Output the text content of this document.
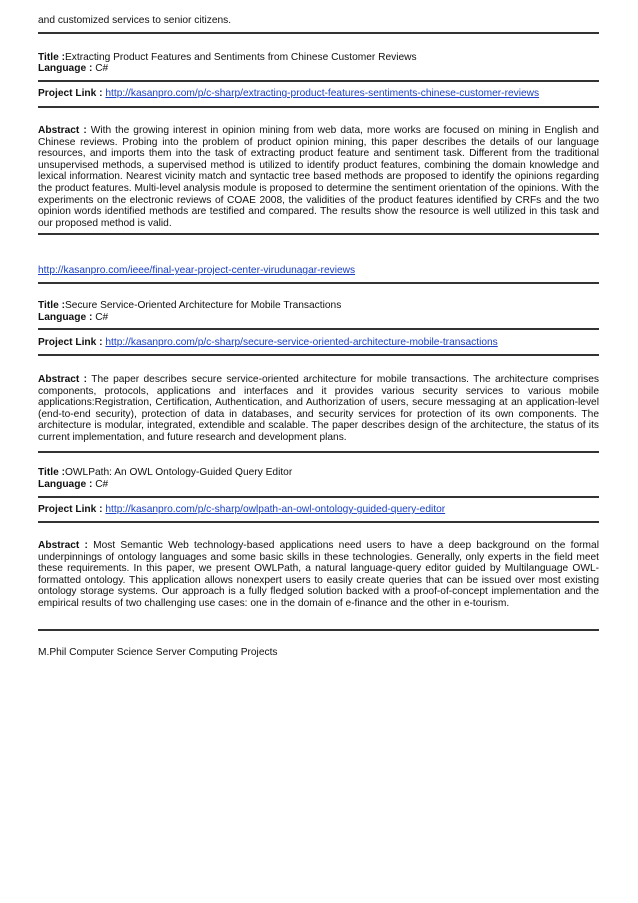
and customized services to senior citizens.
Title :Extracting Product Features and Sentiments from Chinese Customer Reviews
Language : C#
Project Link : http://kasanpro.com/p/c-sharp/extracting-product-features-sentiments-chinese-customer-reviews
Abstract : With the growing interest in opinion mining from web data, more works are focused on mining in English and Chinese reviews. Probing into the problem of product opinion mining, this paper describes the details of our language resources, and imports them into the task of extracting product feature and sentiment task. Different from the traditional unsupervised methods, a supervised method is utilized to identify product features, combining the domain knowledge and lexical information. Nearest vicinity match and syntactic tree based methods are proposed to identify the opinions regarding the product features. Multi-level analysis module is proposed to determine the sentiment orientation of the opinions. With the experiments on the electronic reviews of COAE 2008, the validities of the product features identified by CRFs and the two opinion words identified methods are testified and compared. The results show the resource is well utilized in this task and our proposed method is valid.
http://kasanpro.com/ieee/final-year-project-center-virudunagar-reviews
Title :Secure Service-Oriented Architecture for Mobile Transactions
Language : C#
Project Link : http://kasanpro.com/p/c-sharp/secure-service-oriented-architecture-mobile-transactions
Abstract : The paper describes secure service-oriented architecture for mobile transactions. The architecture comprises components, protocols, applications and interfaces and it provides various security services to various mobile applications:Registration, Certification, Authentication, and Authorization of users, secure messaging at an application-level (end-to-end security), protection of data in databases, and security services for protection of its own components. The architecture is modular, integrated, extendible and scalable. The paper describes design of the architecture, the status of its current implementation, and future research and development plans.
Title :OWLPath: An OWL Ontology-Guided Query Editor
Language : C#
Project Link : http://kasanpro.com/p/c-sharp/owlpath-an-owl-ontology-guided-query-editor
Abstract : Most Semantic Web technology-based applications need users to have a deep background on the formal underpinnings of ontology languages and some basic skills in these technologies. Generally, only experts in the field meet these requirements. In this paper, we present OWLPath, a natural language-query editor guided by Multilanguage OWL-formatted ontology. This application allows nonexpert users to easily create queries that can be issued over most existing ontology storage systems. Our approach is a fully fledged solution backed with a proof-of-concept implementation and the empirical results of two challenging use cases: one in the domain of e-finance and the other in e-tourism.
M.Phil Computer Science Server Computing Projects
